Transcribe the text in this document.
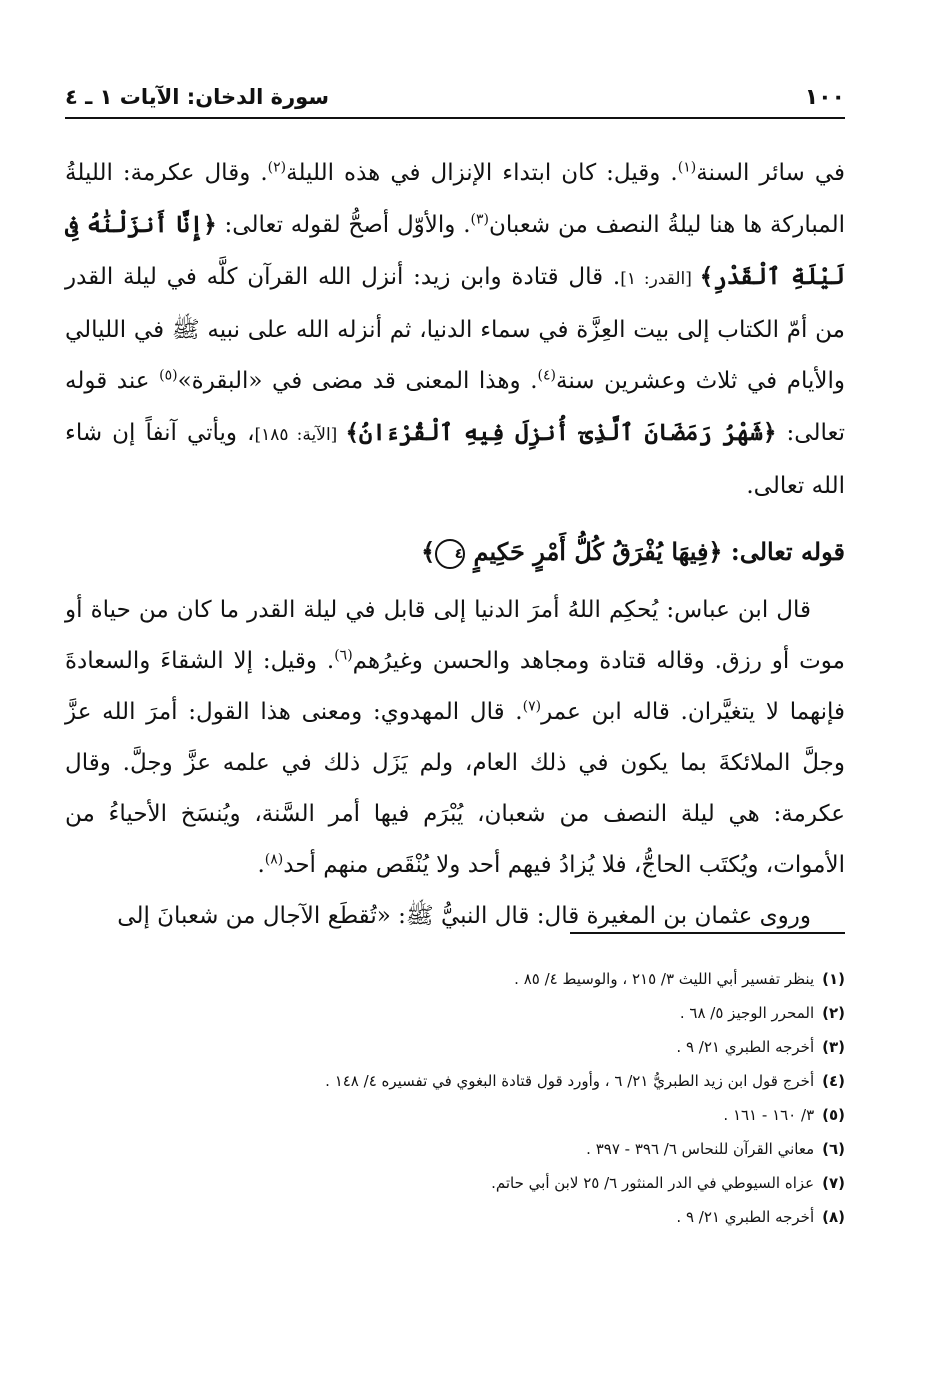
١٠٠
سورة الدخان: الآيات ١ ـ ٤

في سائر السنة$^{(١)}$. وقيل: كان ابتداء الإنزال في هذه الليلة$^{(٢)}$. وقال عكرمة: الليلةُ المباركة ها هنا ليلةُ النصف من شعبان$^{(٣)}$. والأوّل أصحُّ لقوله تعالى: ﴿إِنَّا أَنزَلْنَٰهُ فِى لَيْلَةِ ٱلْقَدْرِ﴾ [القدر: ١]. قال قتادة وابن زيد: أنزل الله القرآن كلَّه في ليلة القدر من أمّ الكتاب إلى بيت العِزَّة في سماء الدنيا، ثم أنزله الله على نبيه ﷺ في الليالي والأيام في ثلاث وعشرين سنة$^{(٤)}$. وهذا المعنى قد مضى في «البقرة»$^{(٥)}$ عند قوله تعالى: ﴿شَهْرُ رَمَضَانَ ٱلَّذِىٓ أُنزِلَ فِيهِ ٱلْقُرْءَانُ﴾ [الآية: ١٨٥]، ويأتي آنفاً إن شاء الله تعالى.

قوله تعالى: ﴿فِيهَا يُفْرَقُ كُلُّ أَمْرٍ حَكِيمٍ ٤﴾

قال ابن عباس: يُحكِم اللهُ أمرَ الدنيا إلى قابل في ليلة القدر ما كان من حياة أو موت أو رزق. وقاله قتادة ومجاهد والحسن وغيرُهم$^{(٦)}$. وقيل: إلا الشقاءَ والسعادةَ فإنهما لا يتغيَّران. قاله ابن عمر$^{(٧)}$. قال المهدوي: ومعنى هذا القول: أمرَ الله عزَّ وجلَّ الملائكةَ بما يكون في ذلك العام، ولم يَزَل ذلك في علمه عزَّ وجلَّ. وقال عكرمة: هي ليلة النصف من شعبان، يُبْرَم فيها أمر السَّنة، ويُنسَخ الأحياءُ من الأموات، ويُكتَب الحاجُّ، فلا يُزادُ فيهم أحد ولا يُنْقَص منهم أحد$^{(٨)}$.

وروى عثمان بن المغيرة قال: قال النبيُّ ﷺ: «تُقطَع الآجال من شعبانَ إلى

(١)
ينظر تفسير أبي الليث ٣/ ٢١٥ ، والوسيط ٤/ ٨٥ .
(٢)
المحرر الوجيز ٥/ ٦٨ .
(٣)
أخرجه الطبري ٢١/ ٩ .
(٤)
أخرج قول ابن زيد الطبريُّ ٢١/ ٦ ، وأورد قول قتادة البغوي في تفسيره ٤/ ١٤٨ .
(٥)
٣/ ١٦٠ - ١٦١ .
(٦)
معاني القرآن للنحاس ٦/ ٣٩٦ - ٣٩٧ .
(٧)
عزاه السيوطي في الدر المنثور ٦/ ٢٥ لابن أبي حاتم.
(٨)
أخرجه الطبري ٢١/ ٩ .
